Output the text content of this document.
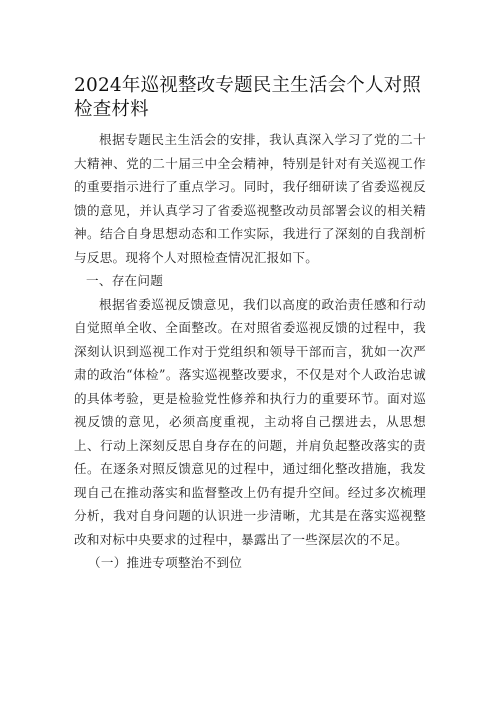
2024年巡视整改专题民主生活会个人对照检查材料

根据专题民主生活会的安排，我认真深入学习了党的二十大精神、党的二十届三中全会精神，特别是针对有关巡视工作的重要指示进行了重点学习。同时，我仔细研读了省委巡视反馈的意见，并认真学习了省委巡视整改动员部署会议的相关精神。结合自身思想动态和工作实际，我进行了深刻的自我剖析与反思。现将个人对照检查情况汇报如下。

一、存在问题

根据省委巡视反馈意见，我们以高度的政治责任感和行动自觉照单全收、全面整改。在对照省委巡视反馈的过程中，我深刻认识到巡视工作对于党组织和领导干部而言，犹如一次严肃的政治“体检”。落实巡视整改要求，不仅是对个人政治忠诚的具体考验，更是检验党性修养和执行力的重要环节。面对巡视反馈的意见，必须高度重视，主动将自己摆进去，从思想上、行动上深刻反思自身存在的问题，并肩负起整改落实的责任。在逐条对照反馈意见的过程中，通过细化整改措施，我发现自己在推动落实和监督整改上仍有提升空间。经过多次梳理分析，我对自身问题的认识进一步清晰，尤其是在落实巡视整改和对标中央要求的过程中，暴露出了一些深层次的不足。

（一）推进专项整治不到位
